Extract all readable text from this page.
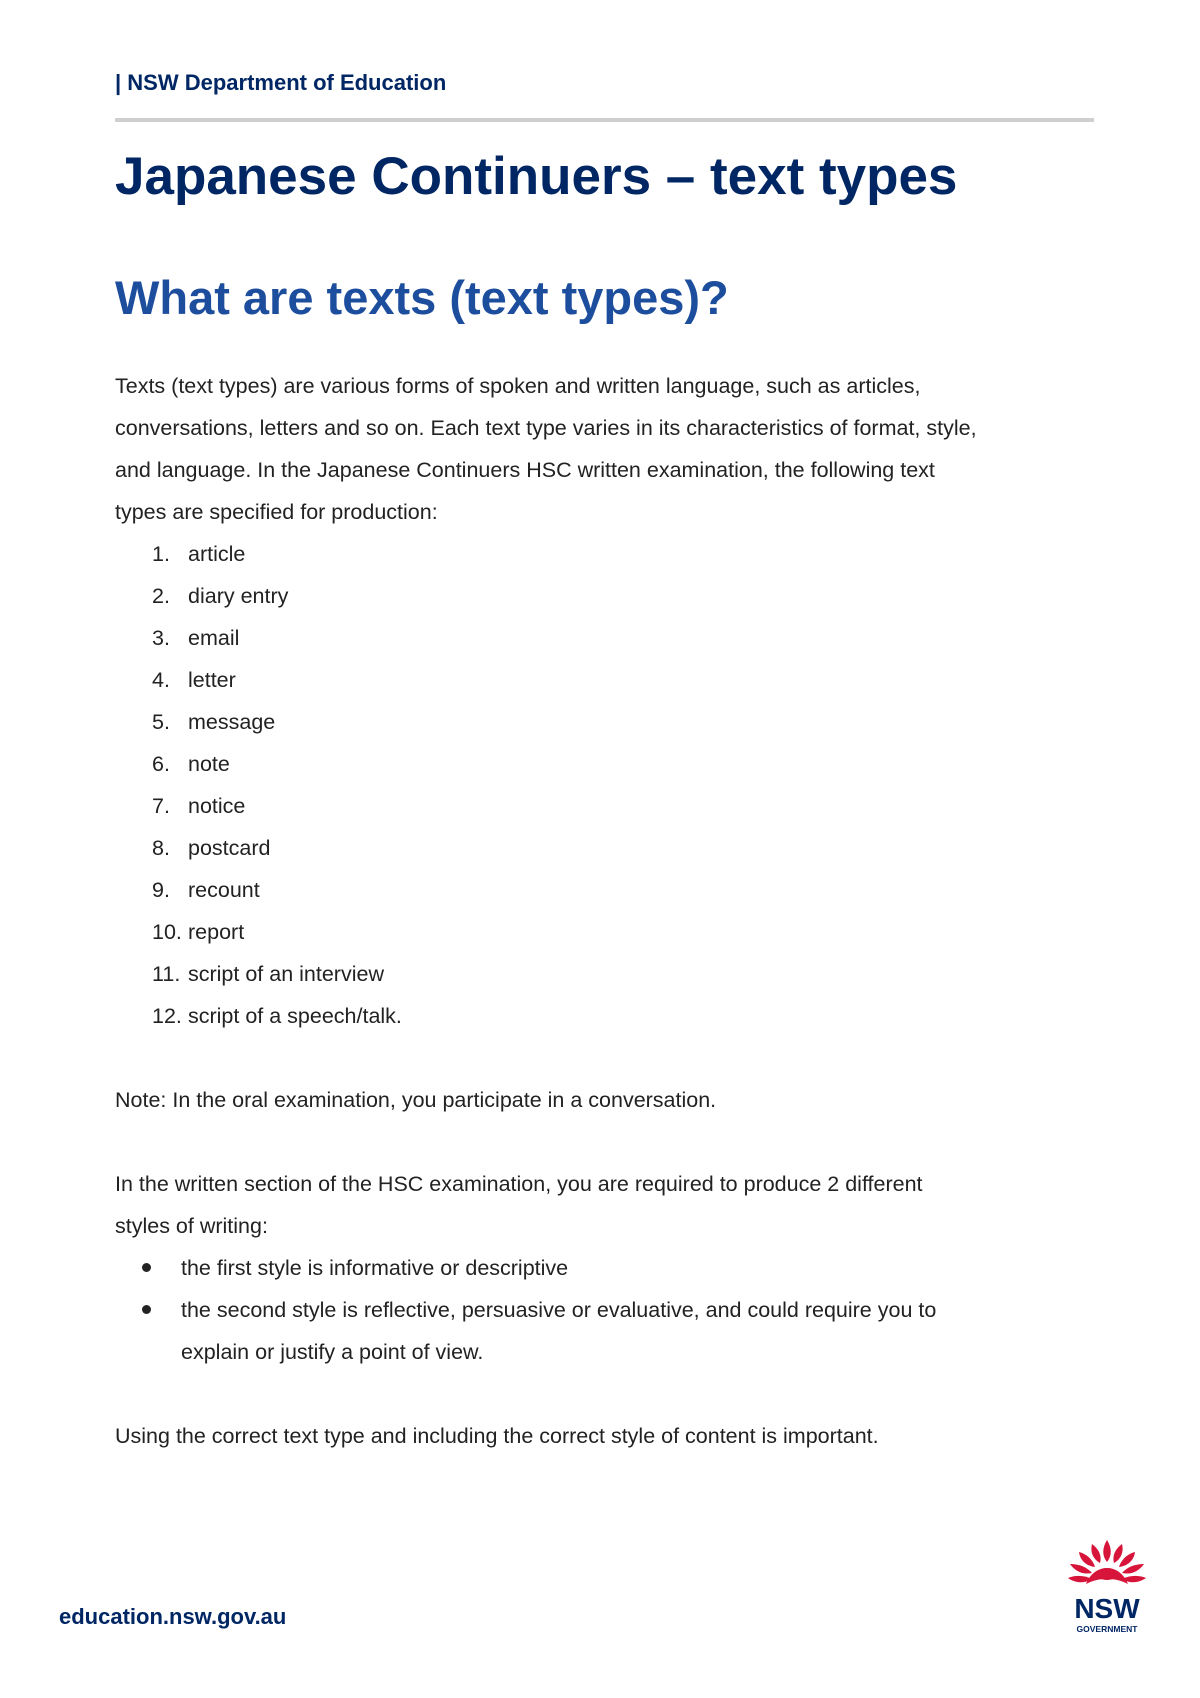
| NSW Department of Education
Japanese Continuers – text types
What are texts (text types)?

Texts (text types) are various forms of spoken and written language, such as articles,
conversations, letters and so on. Each text type varies in its characteristics of format, style,
and language. In the Japanese Continuers HSC written examination, the following text
types are specified for production:

1. article
2. diary entry
3. email
4. letter
5. message
6. note
7. notice
8. postcard
9. recount
10. report
11. script of an interview
12. script of a speech/talk.

Note: In the oral examination, you participate in a conversation.

In the written section of the HSC examination, you are required to produce 2 different
styles of writing:

the first style is informative or descriptive
the second style is reflective, persuasive or evaluative, and could require you to
explain or justify a point of view.

Using the correct text type and including the correct style of content is important.

education.nsw.gov.au	NSW
GOVERNMENT
